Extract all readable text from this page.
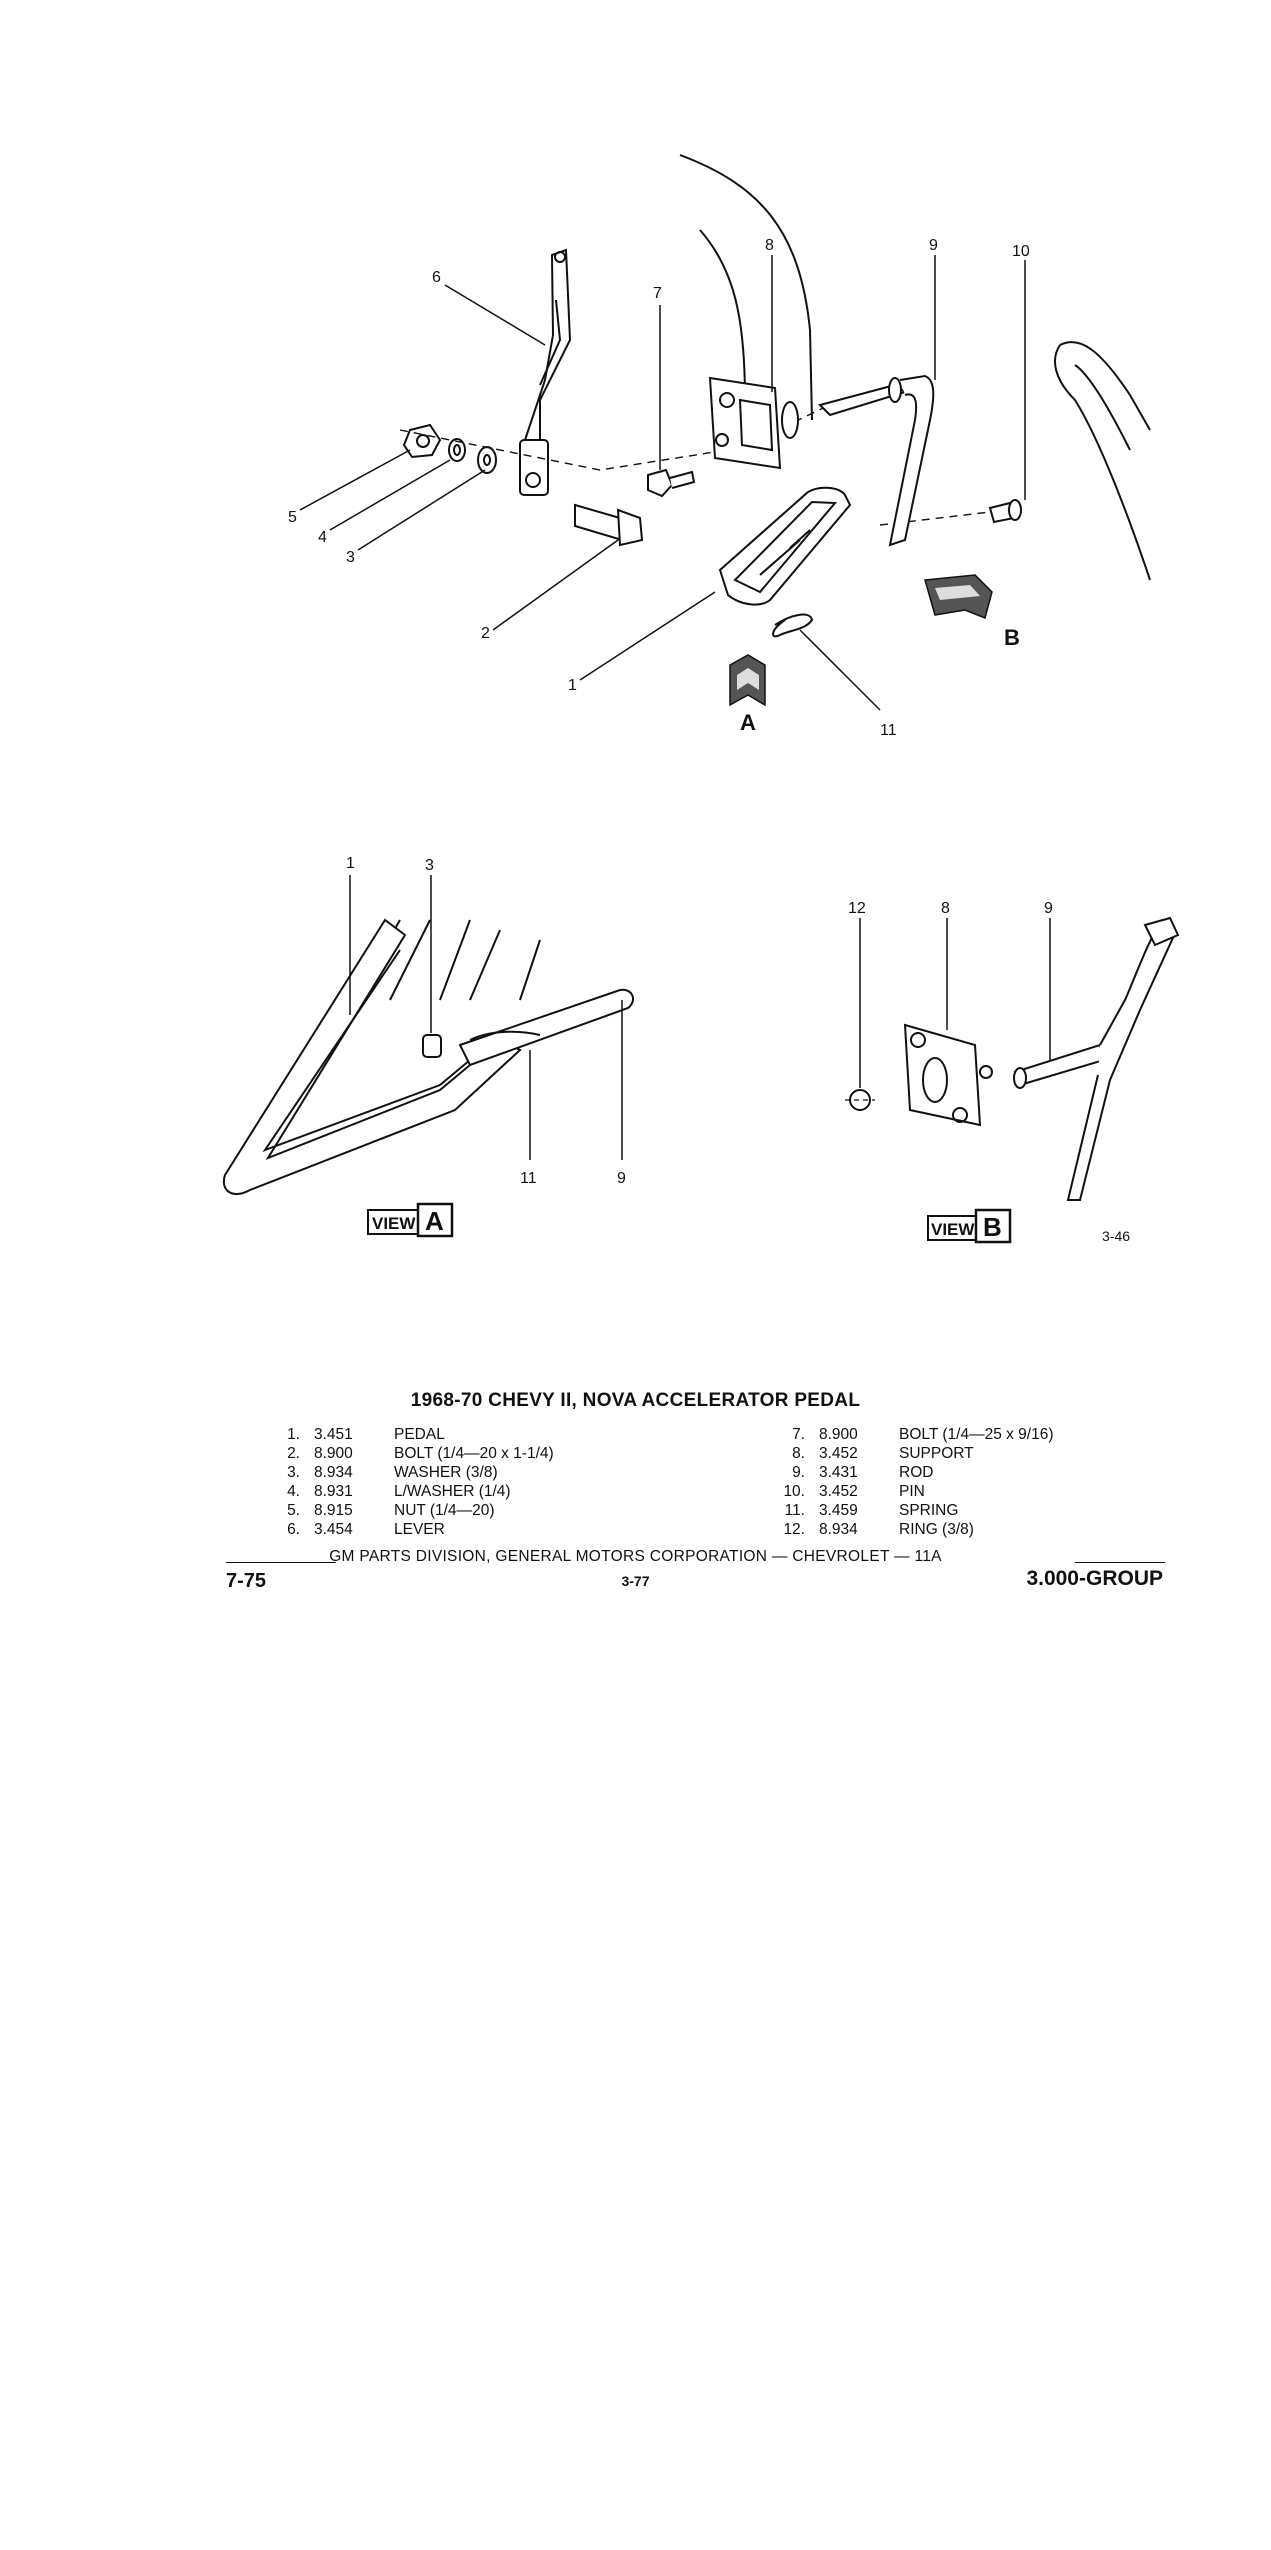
6
5
4
3
2
1
7
8	9	10
11
A
B
1	3
11	9
VIEW A
12	8	9
VIEW B	3-46
1968-70 CHEVY II, NOVA ACCELERATOR PEDAL
1. 3.451	PEDAL
2. 8.900	BOLT (1/4—20 x 1-1/4)
3. 8.934	WASHER (3/8)
4. 8.931	L/WASHER (1/4)
5. 8.915	NUT (1/4—20)
6. 3.454	LEVER
7. 8.900	BOLT (1/4—25 x 9/16)
8. 3.452	SUPPORT
9. 3.431	ROD
10. 3.452	PIN
11. 3.459	SPRING
12. 8.934	RING (3/8)
GM PARTS DIVISION, GENERAL MOTORS CORPORATION — CHEVROLET — 11A
7-75	3-77	3.000-GROUP
